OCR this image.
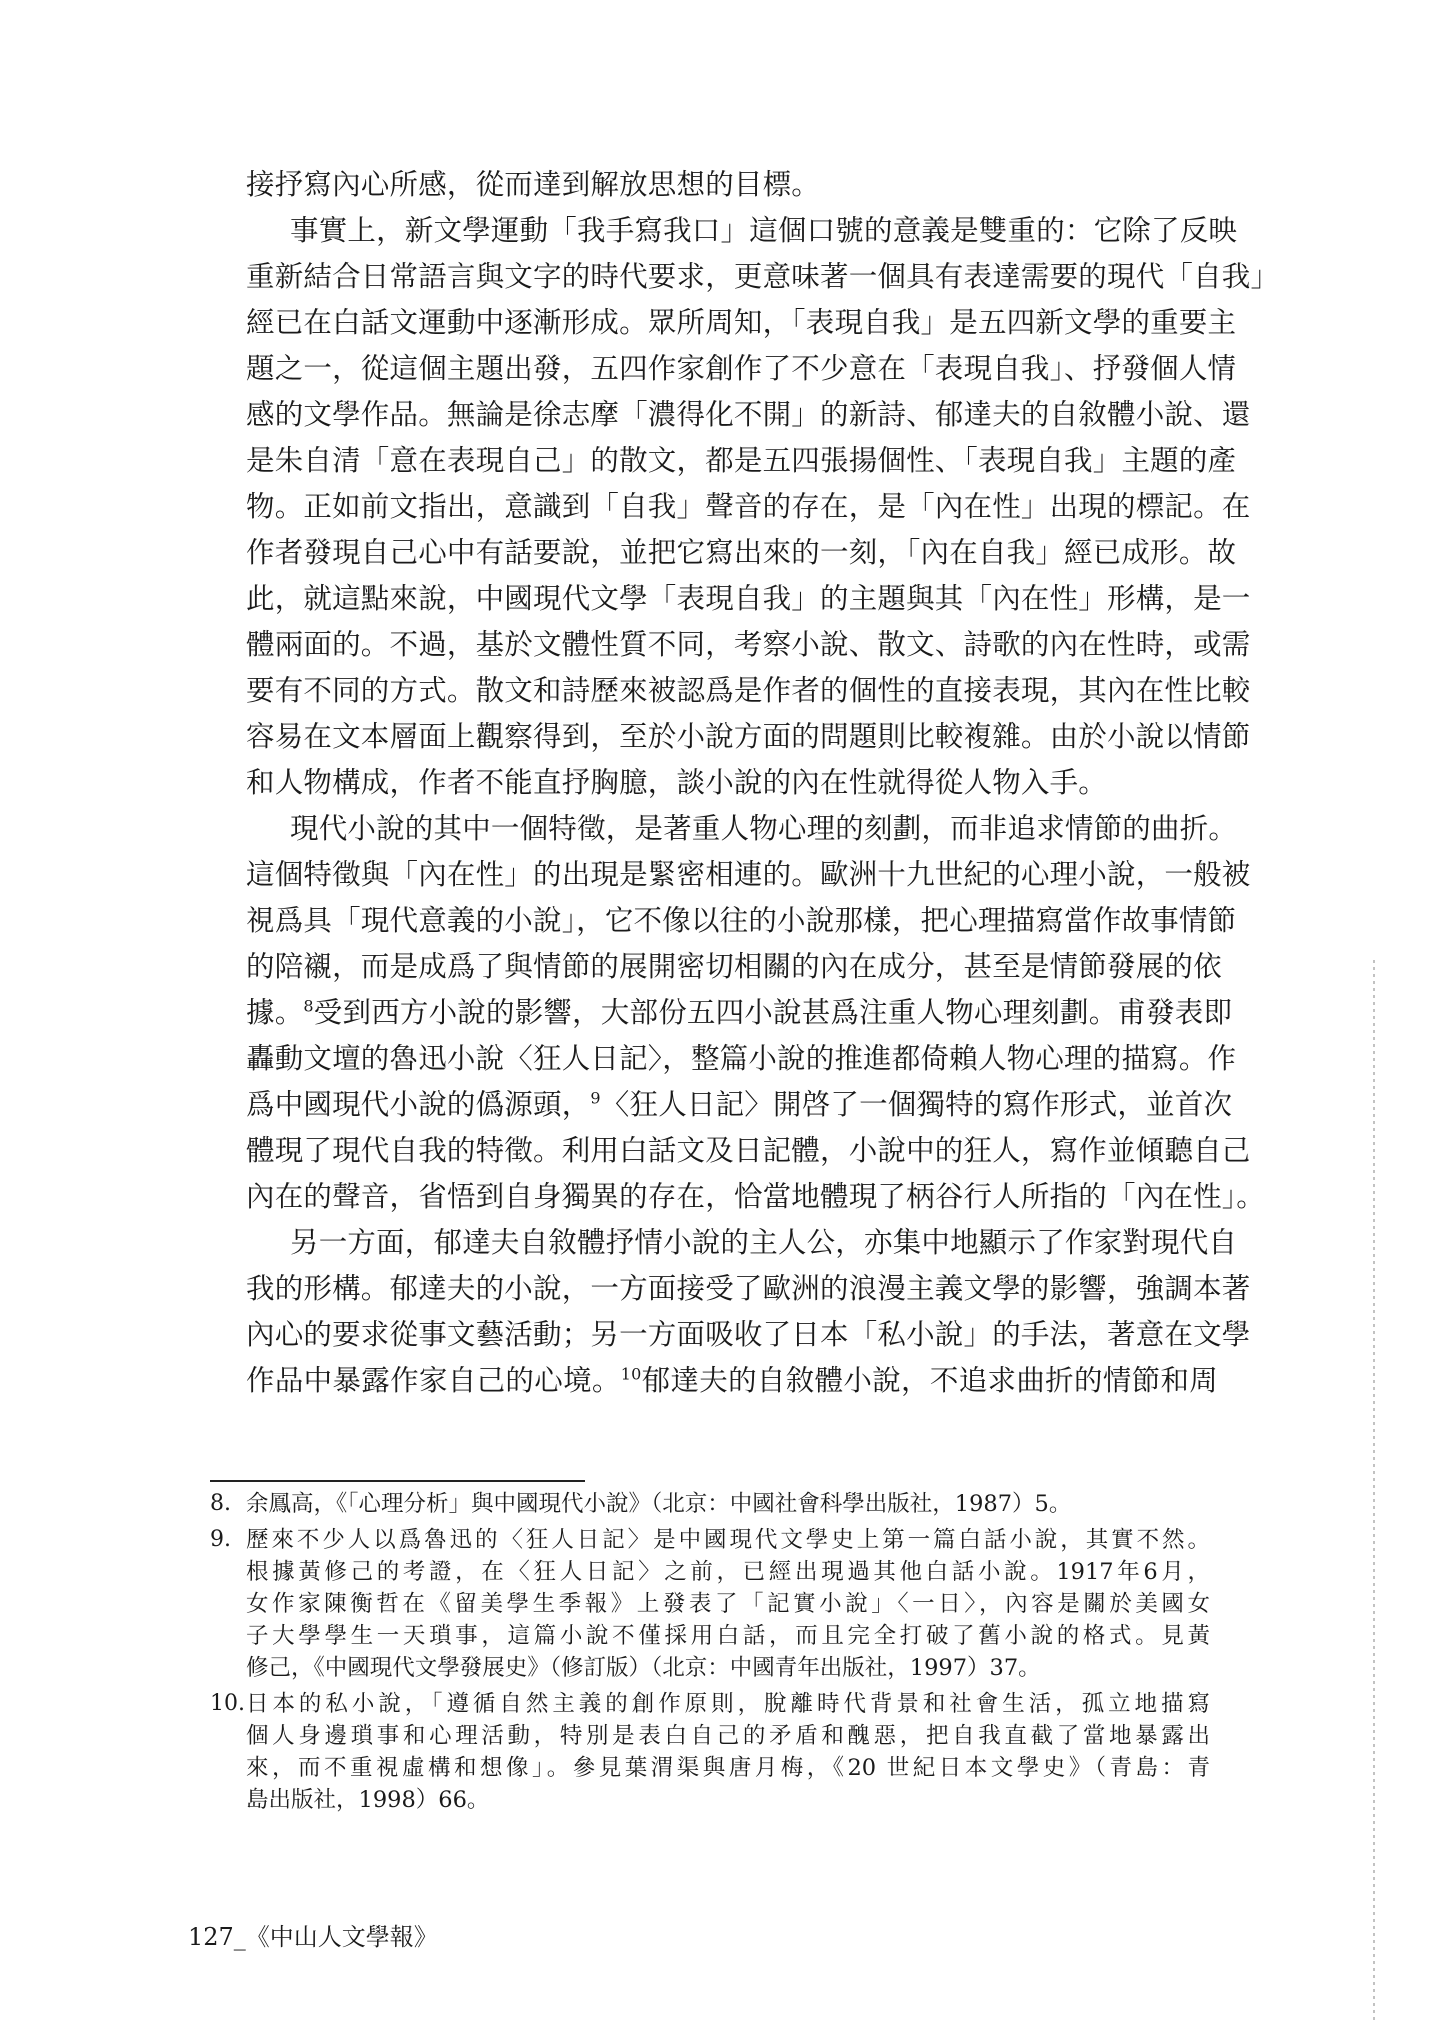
接抒寫內心所感，從而達到解放思想的目標。
事實上，新文學運動「我手寫我口」這個口號的意義是雙重的：它除了反映
重新結合日常語言與文字的時代要求，更意味著一個具有表達需要的現代「自我」
經已在白話文運動中逐漸形成。眾所周知，「表現自我」是五四新文學的重要主
題之一，從這個主題出發，五四作家創作了不少意在「表現自我」、抒發個人情
感的文學作品。無論是徐志摩「濃得化不開」的新詩、郁達夫的自敘體小說、還
是朱自清「意在表現自己」的散文，都是五四張揚個性、「表現自我」主題的產
物。正如前文指出，意識到「自我」聲音的存在，是「內在性」出現的標記。在
作者發現自己心中有話要說，並把它寫出來的一刻，「內在自我」經已成形。故
此，就這點來說，中國現代文學「表現自我」的主題與其「內在性」形構，是一
體兩面的。不過，基於文體性質不同，考察小說、散文、詩歌的內在性時，或需
要有不同的方式。散文和詩歷來被認爲是作者的個性的直接表現，其內在性比較
容易在文本層面上觀察得到，至於小說方面的問題則比較複雜。由於小說以情節
和人物構成，作者不能直抒胸臆，談小說的內在性就得從人物入手。
現代小說的其中一個特徵，是著重人物心理的刻劃，而非追求情節的曲折。
這個特徵與「內在性」的出現是緊密相連的。歐洲十九世紀的心理小說，一般被
視爲具「現代意義的小說」，它不像以往的小說那樣，把心理描寫當作故事情節
的陪襯，而是成爲了與情節的展開密切相關的內在成分，甚至是情節發展的依
據。$^8$受到西方小說的影響，大部份五四小說甚爲注重人物心理刻劃。甫發表即
轟動文壇的魯迅小說〈狂人日記〉，整篇小說的推進都倚賴人物心理的描寫。作
爲中國現代小說的僞源頭，$^9$〈狂人日記〉開啓了一個獨特的寫作形式，並首次
體現了現代自我的特徵。利用白話文及日記體，小說中的狂人，寫作並傾聽自己
內在的聲音，省悟到自身獨異的存在，恰當地體現了柄谷行人所指的「內在性」。
另一方面，郁達夫自敘體抒情小說的主人公，亦集中地顯示了作家對現代自
我的形構。郁達夫的小說，一方面接受了歐洲的浪漫主義文學的影響，強調本著
內心的要求從事文藝活動；另一方面吸收了日本「私小說」的手法，著意在文學
作品中暴露作家自己的心境。$^{10}$郁達夫的自敘體小說，不追求曲折的情節和周
8. 余鳳高，《「心理分析」與中國現代小說》（北京：中國社會科學出版社，1987）5。
9. 歷來不少人以爲魯迅的〈狂人日記〉是中國現代文學史上第一篇白話小說，其實不然。
根據黃修己的考證，在〈狂人日記〉之前，已經出現過其他白話小說。1917年6月，
女作家陳衡哲在《留美學生季報》上發表了「記實小說」〈一日〉，內容是關於美國女
子大學學生一天瑣事，這篇小說不僅採用白話，而且完全打破了舊小說的格式。見黃
修己，《中國現代文學發展史》（修訂版）（北京：中國青年出版社，1997）37。
10. 日本的私小說，「遵循自然主義的創作原則，脫離時代背景和社會生活，孤立地描寫
個人身邊瑣事和心理活動，特別是表白自己的矛盾和醜惡，把自我直截了當地暴露出
來，而不重視虛構和想像」。參見葉渭渠與唐月梅，《20 世紀日本文學史》（青島：青
島出版社，1998）66。
127_《中山人文學報》
